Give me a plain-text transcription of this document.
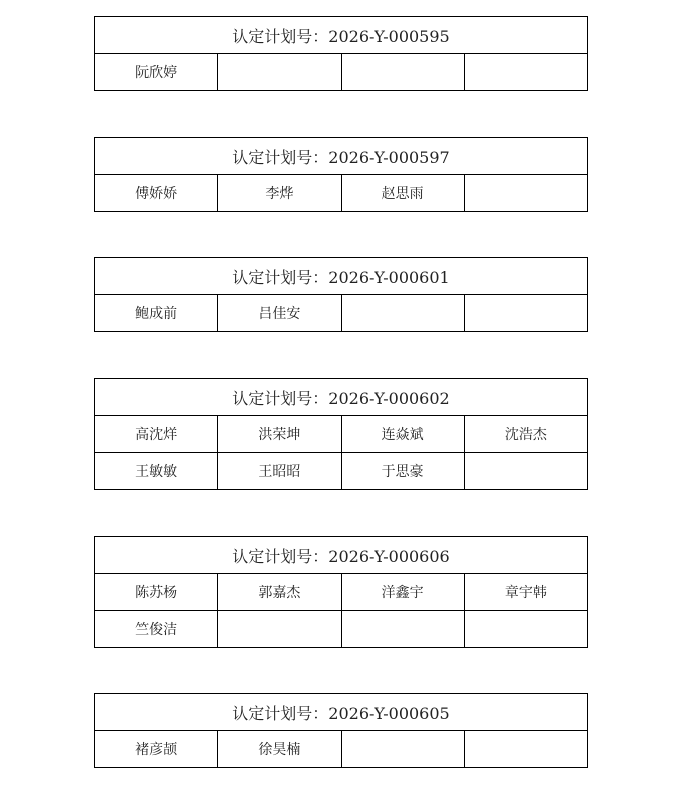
认定计划号：2026-Y-000595
阮欣婷			
认定计划号：2026-Y-000597
傅娇娇	李烨	赵思雨	
认定计划号：2026-Y-000601
鲍成前	吕佳安		
认定计划号：2026-Y-000602			
高沈烊	洪荣坤	连焱斌	沈浩杰
王敏敏	王昭昭	于思豪	
认定计划号：2026-Y-000606			
陈苏杨	郭嘉杰	洋鑫宇	章宇韩
竺俊洁			
认定计划号：2026-Y-000605
褚彦颉	徐昊楠		
